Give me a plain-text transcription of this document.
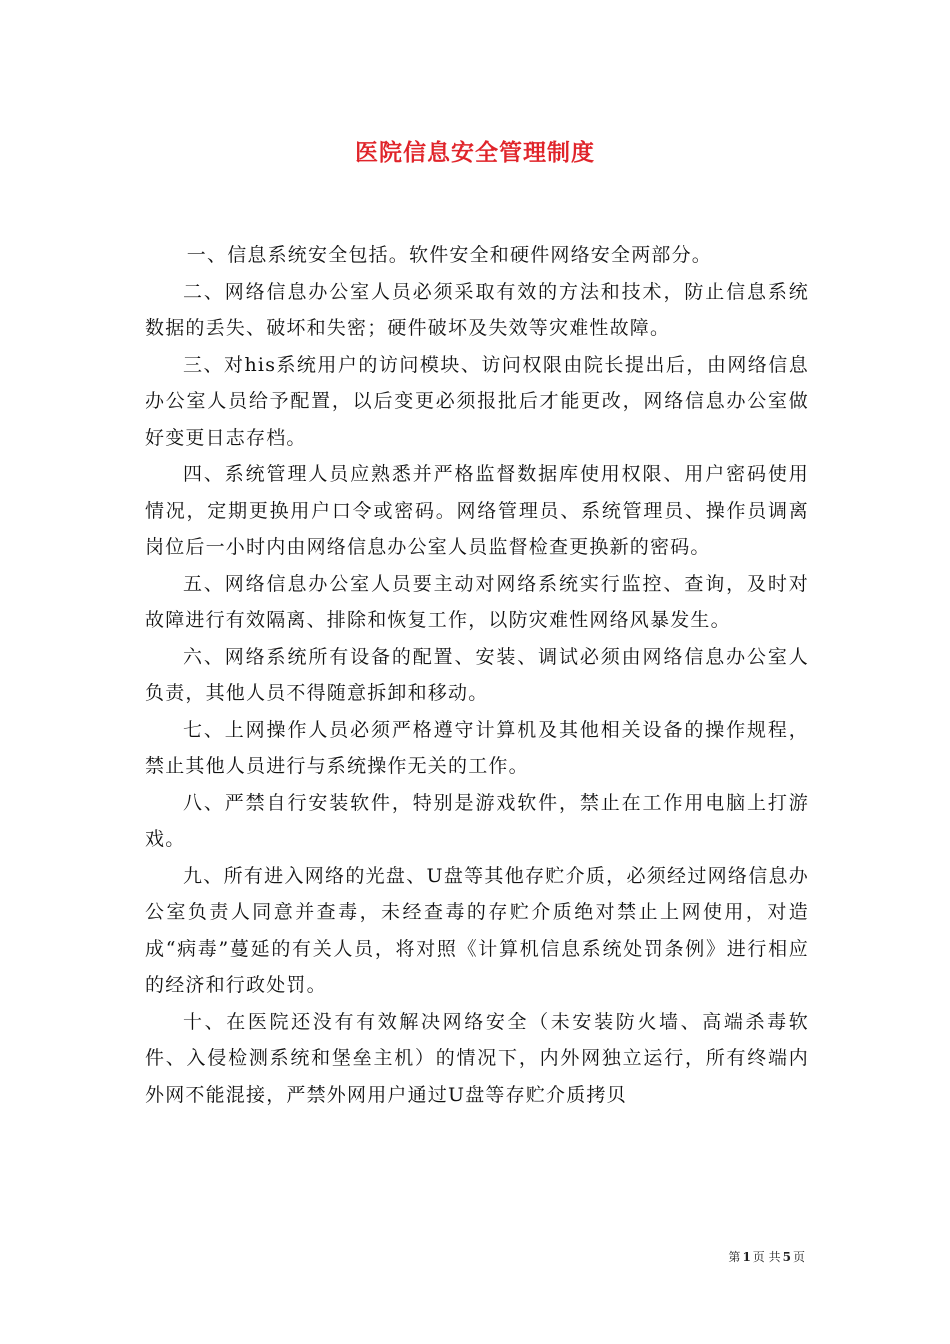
医院信息安全管理制度

一、信息系统安全包括。软件安全和硬件网络安全两部分。

二、网络信息办公室人员必须采取有效的方法和技术，防止信息系统数据的丢失、破坏和失密；硬件破坏及失效等灾难性故障。

三、对his系统用户的访问模块、访问权限由院长提出后，由网络信息办公室人员给予配置，以后变更必须报批后才能更改，网络信息办公室做好变更日志存档。

四、系统管理人员应熟悉并严格监督数据库使用权限、用户密码使用情况，定期更换用户口令或密码。网络管理员、系统管理员、操作员调离岗位后一小时内由网络信息办公室人员监督检查更换新的密码。

五、网络信息办公室人员要主动对网络系统实行监控、查询，及时对故障进行有效隔离、排除和恢复工作，以防灾难性网络风暴发生。

六、网络系统所有设备的配置、安装、调试必须由网络信息办公室人负责，其他人员不得随意拆卸和移动。

七、上网操作人员必须严格遵守计算机及其他相关设备的操作规程，禁止其他人员进行与系统操作无关的工作。

八、严禁自行安装软件，特别是游戏软件，禁止在工作用电脑上打游戏。

九、所有进入网络的光盘、U盘等其他存贮介质，必须经过网络信息办公室负责人同意并查毒，未经查毒的存贮介质绝对禁止上网使用，对造成“病毒”蔓延的有关人员，将对照《计算机信息系统处罚条例》进行相应的经济和行政处罚。

十、在医院还没有有效解决网络安全（未安装防火墙、高端杀毒软件、入侵检测系统和堡垒主机）的情况下，内外网独立运行，所有终端内外网不能混接，严禁外网用户通过U盘等存贮介质拷贝

第 1 页 共 5 页
